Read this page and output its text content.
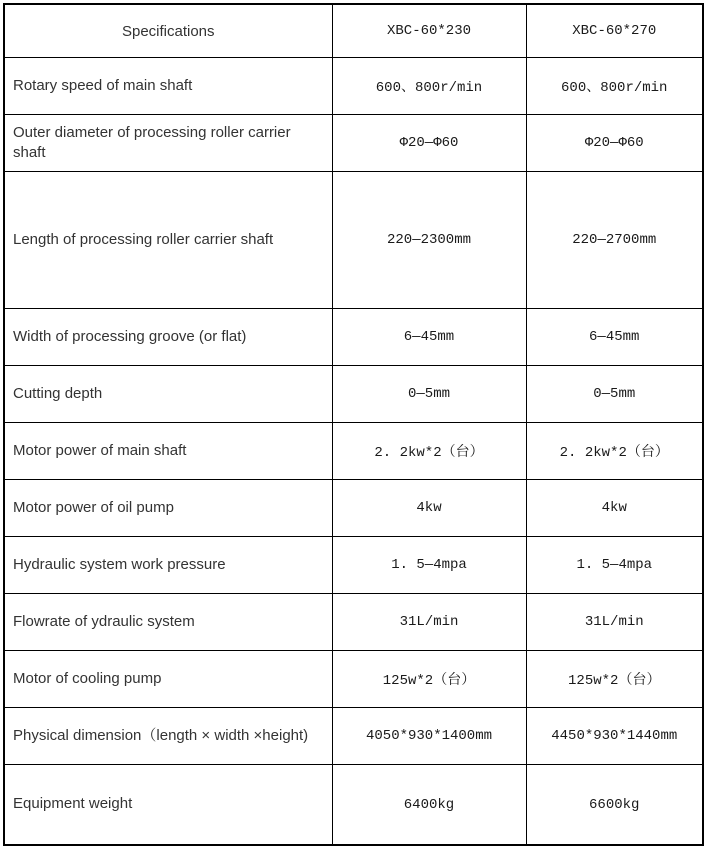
Specifications	XBC-60*230	XBC-60*270
Rotary speed of main shaft	600、800r/min	600、800r/min
Outer diameter of processing roller carrier shaft	Φ20—Φ60	Φ20—Φ60
Length of processing roller carrier shaft	220—2300mm	220—2700mm
Width of processing groove (or flat)	6—45mm	6—45mm
Cutting depth	0—5mm	0—5mm
Motor power of main shaft	2. 2kw*2（台）	2. 2kw*2（台）
Motor power of oil pump	4kw	4kw
Hydraulic system work pressure	1. 5—4mpa	1. 5—4mpa
Flowrate of ydraulic system	31L/min	31L/min
Motor of cooling pump	125w*2（台）	125w*2（台）
Physical dimension（length × width ×height)	4050*930*1400mm	4450*930*1440mm
Equipment weight	6400kg	6600kg
